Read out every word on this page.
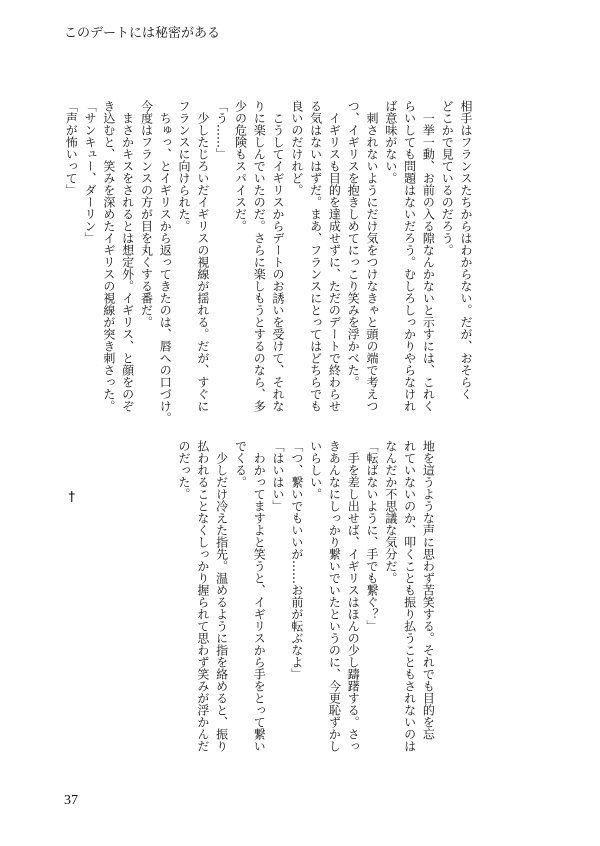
このデートには秘密がある
相手はフランスたちからはわからない。だが、おそらく
どこかで見ているのだろう。
　一挙一動、お前の入る隙なんかないと示すには、これく
らいしても問題はないだろう。むしろしっかりやらなけれ
ば意味がない。
　刺されないようにだけ気をつけなきゃと頭の端で考えつ
つ、イギリスを抱きしめてにっこり笑みを浮かべた。
　イギリスも目的を達成せずに、ただのデートで終わらせ
る気はないはずだ。まあ、フランスにとってはどちらでも
良いのだけれど。
　こうしてイギリスからデートのお誘いを受けて、それな
りに楽しんでいたのだ。さらに楽しもうとするのなら、多
少の危険もスパイスだ。
「う……」
　少したじろいだイギリスの視線が揺れる。だが、すぐに
フランスに向けられた。
　ちゅっ、とイギリスから返ってきたのは、唇への口づけ。
今度はフランスの方が目を丸くする番だ。
　まさかキスをされるとは想定外。イギリス、と顔をのぞ
き込むと、笑みを深めたイギリスの視線が突き刺さった。
「サンキュー、ダーリン」
「声が怖いって」

地を這うような声に思わず苦笑する。それでも目的を忘
れていないのか、叩くことも振り払うこともされないのは
なんだか不思議な気分だ。
「転ばないように、手でも繋ぐ？」
　手を差し出せば、イギリスはほんの少し躊躇する。さっ
きあんなにしっかり繋いでいたというのに、今更恥ずかし
いらしい。
「つ、繋いでもいいが……お前が転ぶなよ」
「はいはい」
　わかってますよと笑うと、イギリスから手をとって繋い
でくる。
　少しだけ冷えた指先。温めるように指を絡めると、振り
払われることなくしっかり握られて思わず笑みが浮かんだ
のだった。

†

37
